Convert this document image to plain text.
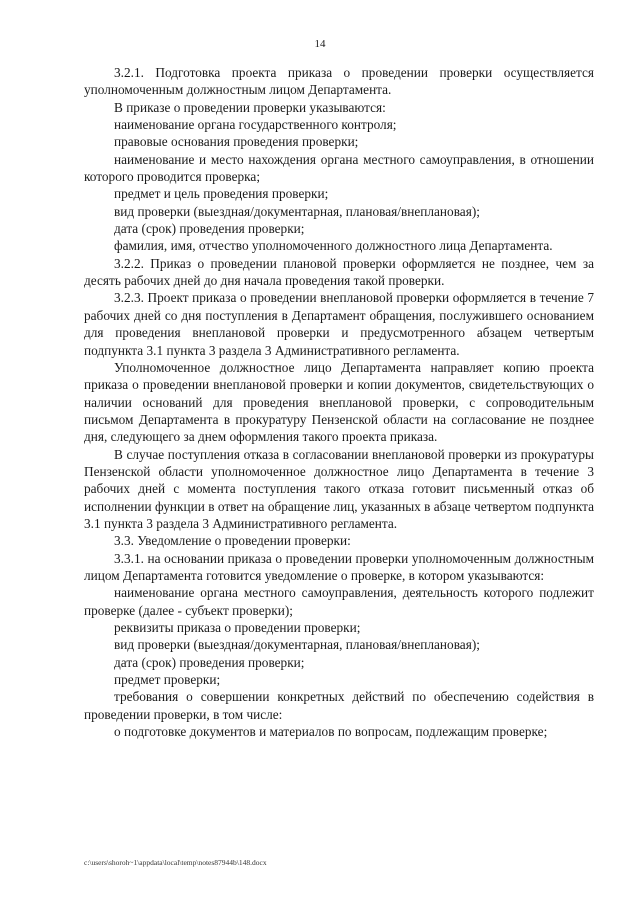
14

3.2.1. Подготовка проекта приказа о проведении проверки осуществляется уполномоченным должностным лицом Департамента.

В приказе о проведении проверки указываются:

наименование органа государственного контроля;

правовые основания проведения проверки;

наименование и место нахождения органа местного самоуправления, в отношении которого проводится проверка;

предмет и цель проведения проверки;

вид проверки (выездная/документарная, плановая/внеплановая);

дата (срок) проведения проверки;

фамилия, имя, отчество уполномоченного должностного лица Департамента.

3.2.2. Приказ о проведении плановой проверки оформляется не позднее, чем за десять рабочих дней до дня начала проведения такой проверки.

3.2.3. Проект приказа о проведении внеплановой проверки оформляется в течение 7 рабочих дней со дня поступления в Департамент обращения, послужившего основанием для проведения внеплановой проверки и предусмотренного абзацем четвертым подпункта 3.1 пункта 3 раздела 3 Административного регламента.

Уполномоченное должностное лицо Департамента направляет копию проекта приказа о проведении внеплановой проверки и копии документов, свидетельствующих о наличии оснований для проведения внеплановой проверки, с сопроводительным письмом Департамента в прокуратуру Пензенской области на согласование не позднее дня, следующего за днем оформления такого проекта приказа.

В случае поступления отказа в согласовании внеплановой проверки из прокуратуры Пензенской области уполномоченное должностное лицо Департамента в течение 3 рабочих дней с момента поступления такого отказа готовит письменный отказ об исполнении функции в ответ на обращение лиц, указанных в абзаце четвертом подпункта 3.1 пункта 3 раздела 3 Административного регламента.

3.3. Уведомление о проведении проверки:

3.3.1. на основании приказа о проведении проверки уполномоченным должностным лицом Департамента готовится уведомление о проверке, в котором указываются:

наименование органа местного самоуправления, деятельность которого подлежит проверке (далее - субъект проверки);

реквизиты приказа о проведении проверки;

вид проверки (выездная/документарная, плановая/внеплановая);

дата (срок) проведения проверки;

предмет проверки;

требования о совершении конкретных действий по обеспечению содействия в проведении проверки, в том числе:

о подготовке документов и материалов по вопросам, подлежащим проверке;

c:\users\shoroh~1\appdata\local\temp\notes87944b\148.docx
